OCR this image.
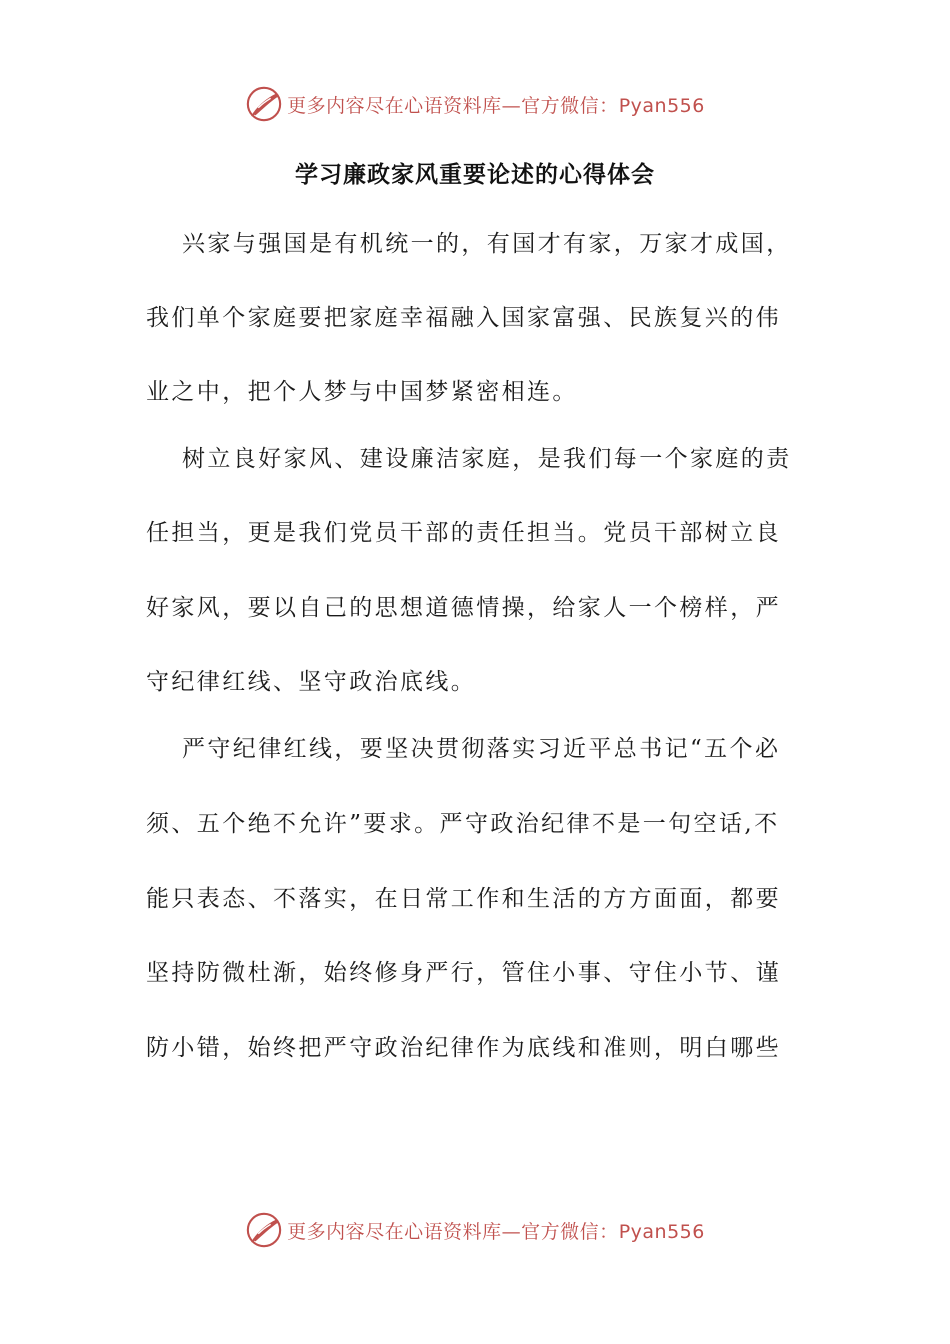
更多内容尽在心语资料库—官方微信：Pyan556
学习廉政家风重要论述的心得体会
兴家与强国是有机统一的，有国才有家，万家才成国，
我们单个家庭要把家庭幸福融入国家富强、民族复兴的伟
业之中，把个人梦与中国梦紧密相连。
树立良好家风、建设廉洁家庭，是我们每一个家庭的责
任担当，更是我们党员干部的责任担当。党员干部树立良
好家风，要以自己的思想道德情操，给家人一个榜样，严
守纪律红线、坚守政治底线。
严守纪律红线，要坚决贯彻落实习近平总书记“五个必
须、五个绝不允许”要求。严守政治纪律不是一句空话,不
能只表态、不落实，在日常工作和生活的方方面面，都要
坚持防微杜渐，始终修身严行，管住小事、守住小节、谨
防小错，始终把严守政治纪律作为底线和准则，明白哪些
更多内容尽在心语资料库—官方微信：Pyan556
